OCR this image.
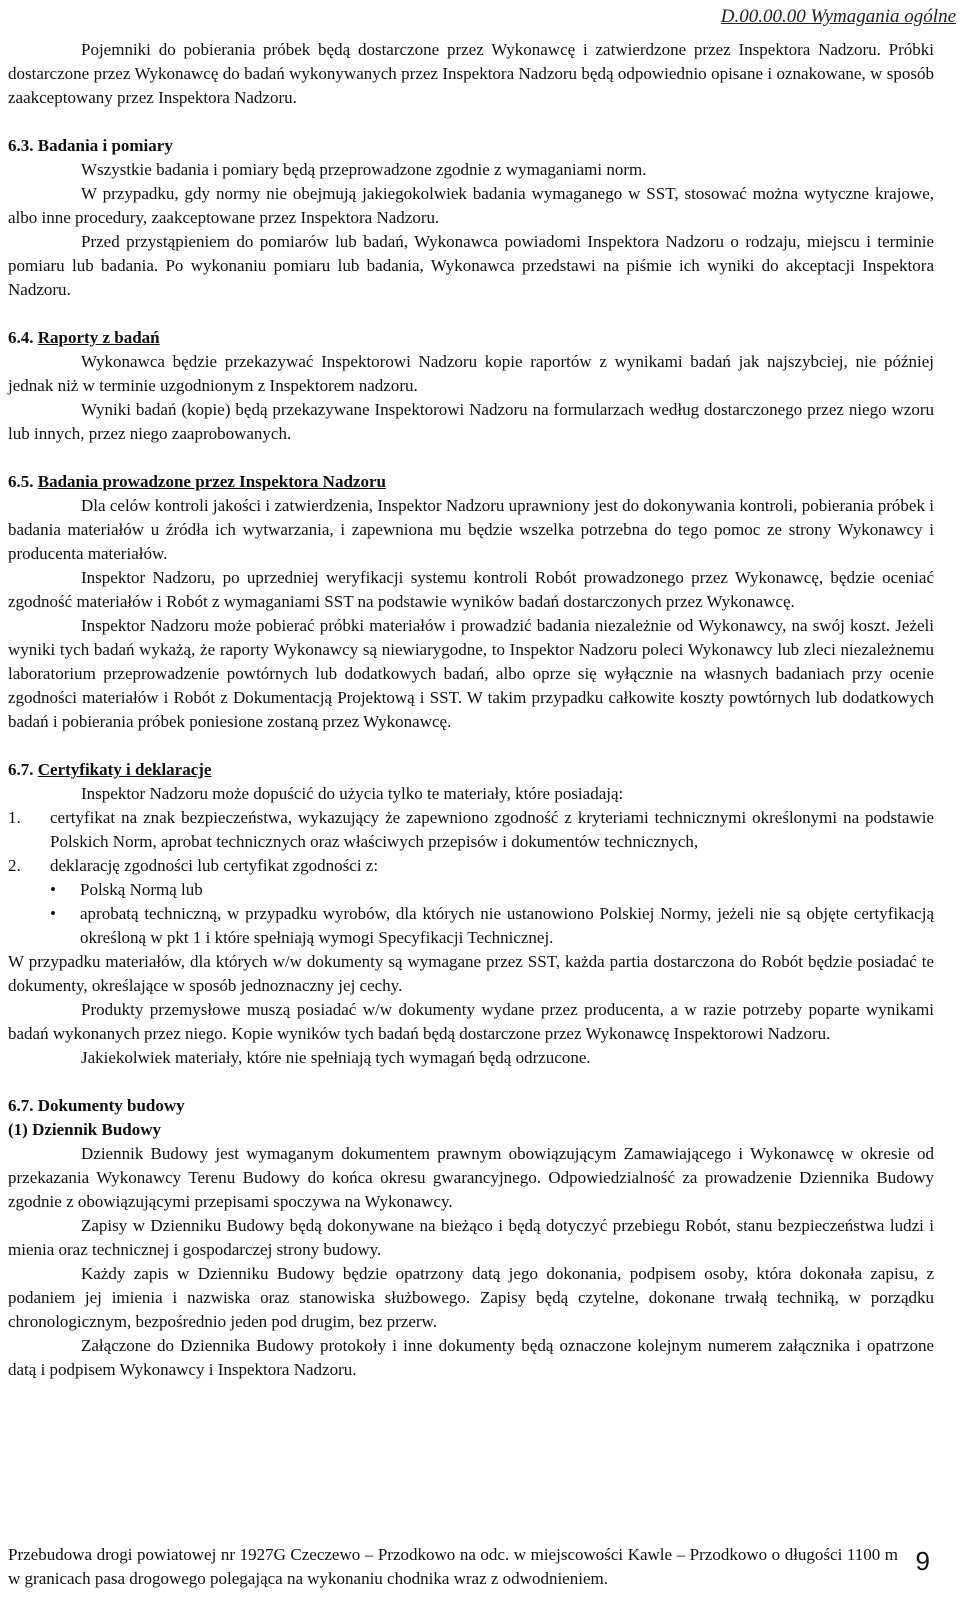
D.00.00.00 Wymagania ogólne

Pojemniki do pobierania próbek będą dostarczone przez Wykonawcę i zatwierdzone przez Inspektora Nadzoru. Próbki dostarczone przez Wykonawcę do badań wykonywanych przez Inspektora Nadzoru będą odpowiednio opisane i oznakowane, w sposób zaakceptowany przez Inspektora Nadzoru.

6.3. Badania i pomiary

Wszystkie badania i pomiary będą przeprowadzone zgodnie z wymaganiami norm.

W przypadku, gdy normy nie obejmują jakiegokolwiek badania wymaganego w SST, stosować można wytyczne krajowe, albo inne procedury, zaakceptowane przez Inspektora Nadzoru.

Przed przystąpieniem do pomiarów lub badań, Wykonawca powiadomi Inspektora Nadzoru o rodzaju, miejscu i terminie pomiaru lub badania. Po wykonaniu pomiaru lub badania, Wykonawca przedstawi na piśmie ich wyniki do akceptacji Inspektora Nadzoru.

6.4. Raporty z badań

Wykonawca będzie przekazywać Inspektorowi Nadzoru kopie raportów z wynikami badań jak najszybciej, nie później jednak niż w terminie uzgodnionym z Inspektorem nadzoru.

Wyniki badań (kopie) będą przekazywane Inspektorowi Nadzoru na formularzach według dostarczonego przez niego wzoru lub innych, przez niego zaaprobowanych.

6.5. Badania prowadzone przez Inspektora Nadzoru

Dla celów kontroli jakości i zatwierdzenia, Inspektor Nadzoru uprawniony jest do dokonywania kontroli, pobierania próbek i badania materiałów u źródła ich wytwarzania, i zapewniona mu będzie wszelka potrzebna do tego pomoc ze strony Wykonawcy i producenta materiałów.

Inspektor Nadzoru, po uprzedniej weryfikacji systemu kontroli Robót prowadzonego przez Wykonawcę, będzie oceniać zgodność materiałów i Robót z wymaganiami SST na podstawie wyników badań dostarczonych przez Wykonawcę.

Inspektor Nadzoru może pobierać próbki materiałów i prowadzić badania niezależnie od Wykonawcy, na swój koszt. Jeżeli wyniki tych badań wykażą, że raporty Wykonawcy są niewiarygodne, to Inspektor Nadzoru poleci Wykonawcy lub zleci niezależnemu laboratorium przeprowadzenie powtórnych lub dodatkowych badań, albo oprze się wyłącznie na własnych badaniach przy ocenie zgodności materiałów i Robót z Dokumentacją Projektową i SST. W takim przypadku całkowite koszty powtórnych lub dodatkowych badań i pobierania próbek poniesione zostaną przez Wykonawcę.

6.7. Certyfikaty i deklaracje

Inspektor Nadzoru może dopuścić do użycia tylko te materiały, które posiadają:

1.	certyfikat na znak bezpieczeństwa, wykazujący że zapewniono zgodność z kryteriami technicznymi określonymi na podstawie Polskich Norm, aprobat technicznych oraz właściwych przepisów i dokumentów technicznych,

2.	deklarację zgodności lub certyfikat zgodności z:

•	Polską Normą lub

•	aprobatą techniczną, w przypadku wyrobów, dla których nie ustanowiono Polskiej Normy, jeżeli nie są objęte certyfikacją określoną w pkt 1 i które spełniają wymogi Specyfikacji Technicznej.

W przypadku materiałów, dla których w/w dokumenty są wymagane przez SST, każda partia dostarczona do Robót będzie posiadać te dokumenty, określające w sposób jednoznaczny jej cechy.

Produkty przemysłowe muszą posiadać w/w dokumenty wydane przez producenta, a w razie potrzeby poparte wynikami badań wykonanych przez niego. Kopie wyników tych badań będą dostarczone przez Wykonawcę Inspektorowi Nadzoru.

Jakiekolwiek materiały, które nie spełniają tych wymagań będą odrzucone.

6.7. Dokumenty budowy
(1) Dziennik Budowy

Dziennik Budowy jest wymaganym dokumentem prawnym obowiązującym Zamawiającego i Wykonawcę w okresie od przekazania Wykonawcy Terenu Budowy do końca okresu gwarancyjnego. Odpowiedzialność za prowadzenie Dziennika Budowy zgodnie z obowiązującymi przepisami spoczywa na Wykonawcy.

Zapisy w Dzienniku Budowy będą dokonywane na bieżąco i będą dotyczyć przebiegu Robót, stanu bezpieczeństwa ludzi i mienia oraz technicznej i gospodarczej strony budowy.

Każdy zapis w Dzienniku Budowy będzie opatrzony datą jego dokonania, podpisem osoby, która dokonała zapisu, z podaniem jej imienia i nazwiska oraz stanowiska służbowego. Zapisy będą czytelne, dokonane trwałą techniką, w porządku chronologicznym, bezpośrednio jeden pod drugim, bez przerw.

Załączone do Dziennika Budowy protokoły i inne dokumenty będą oznaczone kolejnym numerem załącznika i opatrzone datą i podpisem Wykonawcy i Inspektora Nadzoru.

Przebudowa drogi powiatowej nr 1927G Czeczewo – Przodkowo na odc. w miejscowości Kawle – Przodkowo o długości 1100 m w granicach pasa drogowego polegająca na wykonaniu chodnika wraz z odwodnieniem.
9
